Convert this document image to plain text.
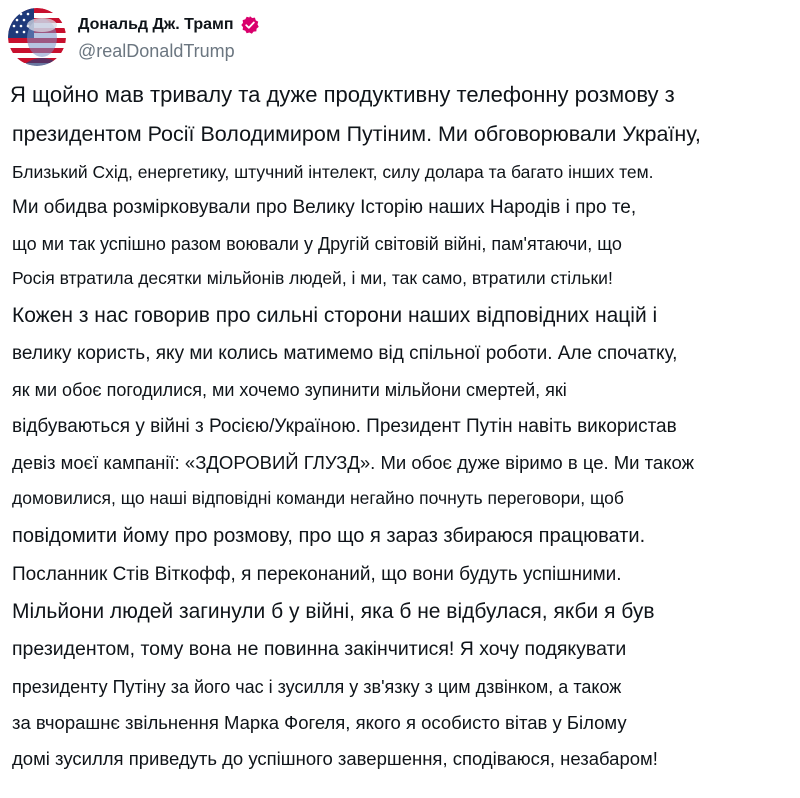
Дональд Дж. Трамп
@realDonaldTrump
Я щойно мав тривалу та дуже продуктивну телефонну розмову з
президентом Росії Володимиром Путіним. Ми обговорювали Україну,
Близький Схід, енергетику, штучний інтелект, силу долара та багато інших тем.
Ми обидва розмірковували про Велику Історію наших Народів і про те,
що ми так успішно разом воювали у Другій світовій війні, пам'ятаючи, що
Росія втратила десятки мільйонів людей, і ми, так само, втратили стільки!
Кожен з нас говорив про сильні сторони наших відповідних націй і
велику користь, яку ми колись матимемо від спільної роботи. Але спочатку,
як ми обоє погодилися, ми хочемо зупинити мільйони смертей, які
відбуваються у війні з Росією/Україною. Президент Путін навіть використав
девіз моєї кампанії: «ЗДОРОВИЙ ГЛУЗД». Ми обоє дуже віримо в це. Ми також
домовилися, що наші відповідні команди негайно почнуть переговори, щоб
повідомити йому про розмову, про що я зараз збираюся працювати.
Посланник Стів Віткофф, я переконаний, що вони будуть успішними.
Мільйони людей загинули б у війні, яка б не відбулася, якби я був
президентом, тому вона не повинна закінчитися! Я хочу подякувати
президенту Путіну за його час і зусилля у зв'язку з цим дзвінком, а також
за вчорашнє звільнення Марка Фогеля, якого я особисто вітав у Білому
домі зусилля приведуть до успішного завершення, сподіваюся, незабаром!
